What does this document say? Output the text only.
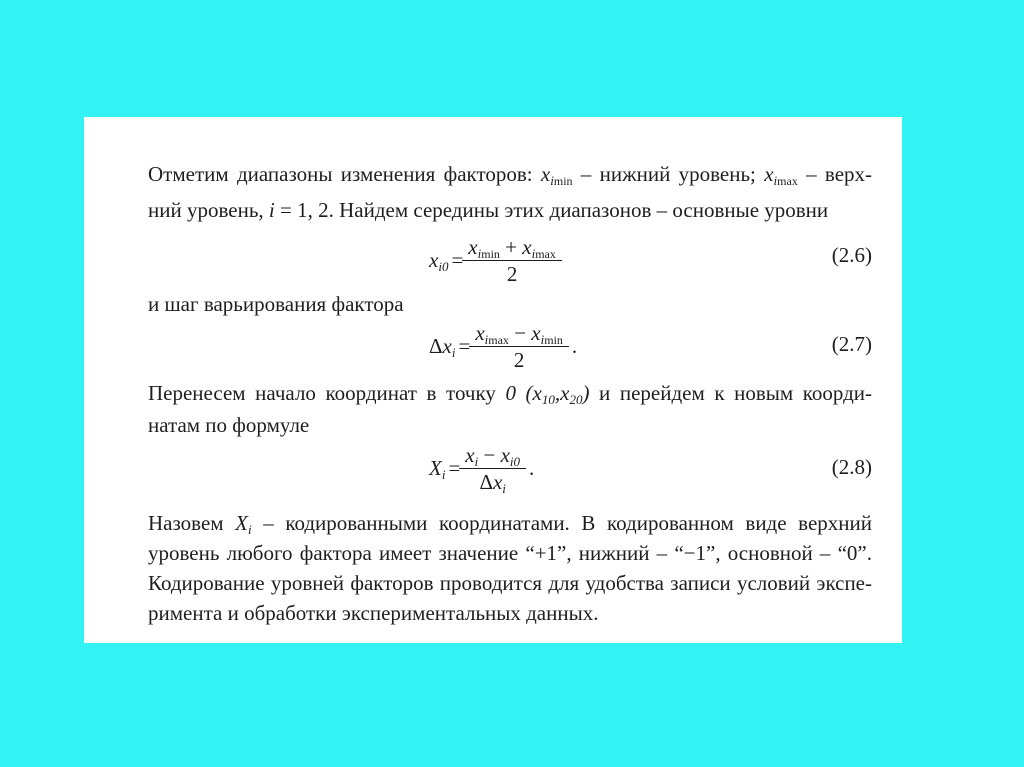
Отметим диапазоны изменения факторов: $x_{imin}$ – нижний уровень; $x_{imax}$ – верх-
ний уровень, i = 1, 2. Найдем середины этих диапазонов – основные уровни
$x_{i0} = \frac{x_{imin} + x_{imax}}{2}$	(2.6)
и шаг варьирования фактора
$\Delta x_i = \frac{x_{imax} - x_{imin}}{2}$ .	(2.7)
Перенесем начало координат в точку 0 $(x_{10},x_{20})$ и перейдем к новым коорди-
натам по формуле
$X_i = \frac{x_i - x_{i0}}{\Delta x_i}$ .	(2.8)
Назовем $X_i$ – кодированными координатами. В кодированном виде верхний
уровень любого фактора имеет значение “+1”, нижний – “−1”, основной – “0”.
Кодирование уровней факторов проводится для удобства записи условий экспе-
римента и обработки экспериментальных данных.
